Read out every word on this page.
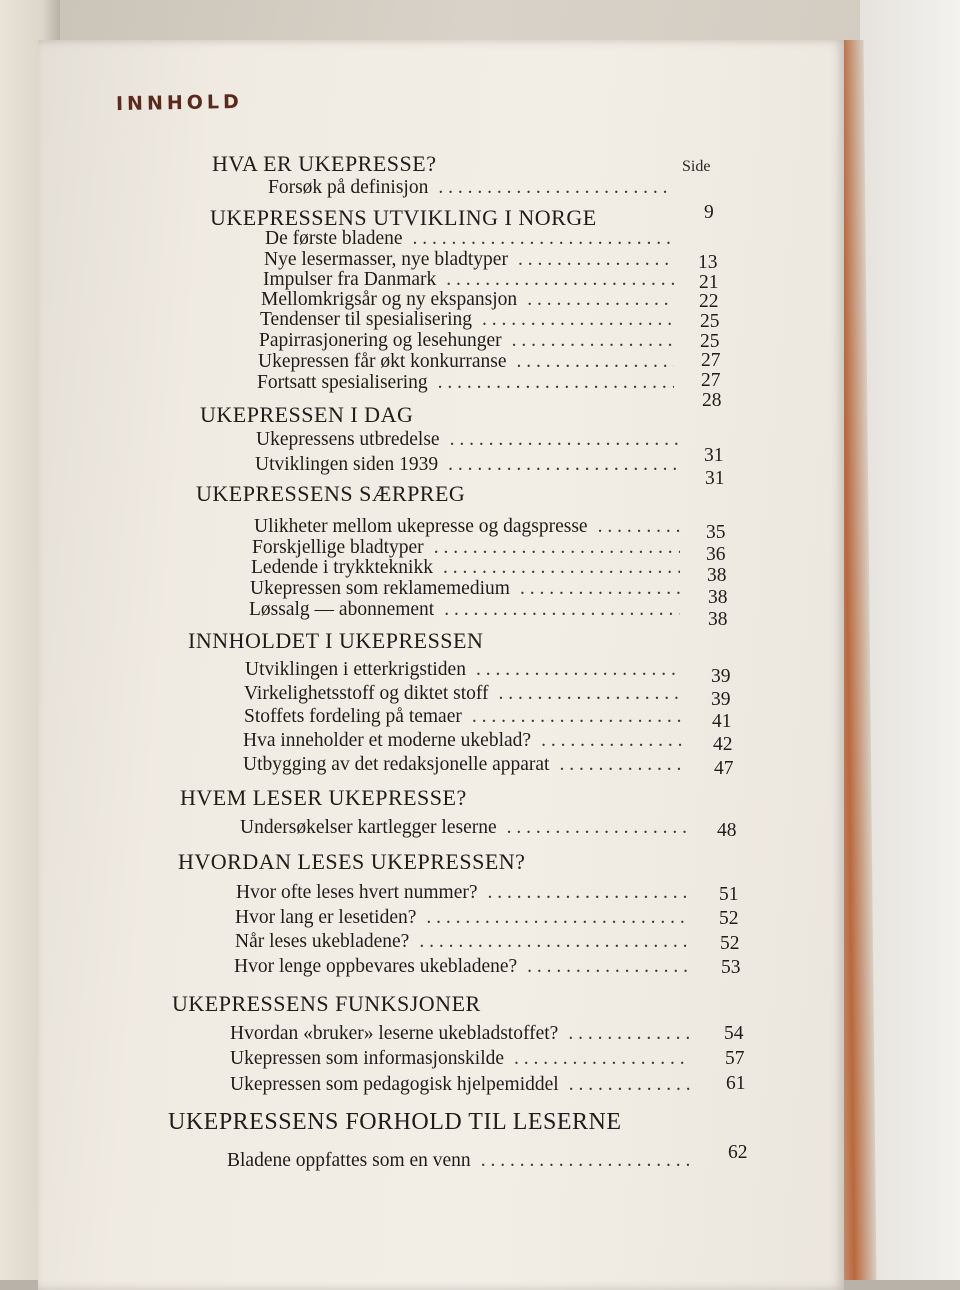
INNHOLD
Side
HVA ER UKEPRESSE?
Forsøk på definisjon
. . .
UKEPRESSENS UTVIKLING I NORGE
De første bladene
. . .
Nye lesermasser, nye bladtyper
. . .
Impulser fra Danmark
. . .
Mellomkrigsår og ny ekspansjon
. . .
Tendenser til spesialisering
. . .
Papirrasjonering og lesehunger
. . .
Ukepressen får økt konkurranse
. . .
Fortsatt spesialisering
. . .
UKEPRESSEN I DAG
Ukepressens utbredelse
. . .
Utviklingen siden 1939
. . .
UKEPRESSENS SÆRPREG
Ulikheter mellom ukepresse og dagspresse
. . .
Forskjellige bladtyper
. . .
Ledende i trykkteknikk
. . .
Ukepressen som reklamemedium
. . .
Løssalg — abonnement
. . .
INNHOLDET I UKEPRESSEN
Utviklingen i etterkrigstiden
. . .
Virkelighetsstoff og diktet stoff
. . .
Stoffets fordeling på temaer
. . .
Hva inneholder et moderne ukeblad?
. . .
Utbygging av det redaksjonelle apparat
. . .
HVEM LESER UKEPRESSE?
Undersøkelser kartlegger leserne
. . .
HVORDAN LESES UKEPRESSEN?
Hvor ofte leses hvert nummer?
. . .
Hvor lang er lesetiden?
. . .
Når leses ukebladene?
. . .
Hvor lenge oppbevares ukebladene?
. . .
UKEPRESSENS FUNKSJONER
Hvordan «bruker» leserne ukebladstoffet?
. . .
Ukepressen som informasjonskilde
. . .
Ukepressen som pedagogisk hjelpemiddel
. . .
UKEPRESSENS FORHOLD TIL LESERNE
Bladene oppfattes som en venn
. . .
9
13
21
22
25
25
27
27
28
31
31
35
36
38
38
38
39
39
41
42
47
48
51
52
52
53
54
57
61
62
